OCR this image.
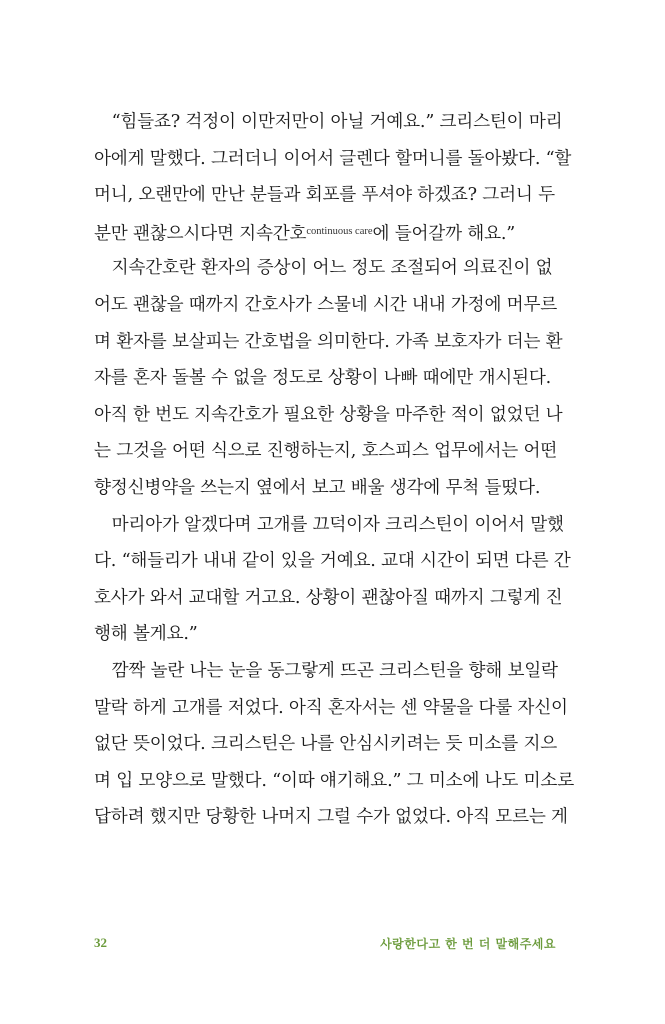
“힘들죠? 걱정이 이만저만이 아닐 거예요.” 크리스틴이 마리
아에게 말했다. 그러더니 이어서 글렌다 할머니를 돌아봤다. “할
머니, 오랜만에 만난 분들과 회포를 푸셔야 하겠죠? 그러니 두
분만 괜찮으시다면 지속간호$^{continuous care}$에 들어갈까 해요.”
지속간호란 환자의 증상이 어느 정도 조절되어 의료진이 없
어도 괜찮을 때까지 간호사가 스물네 시간 내내 가정에 머무르
며 환자를 보살피는 간호법을 의미한다. 가족 보호자가 더는 환
자를 혼자 돌볼 수 없을 정도로 상황이 나빠 때에만 개시된다.
아직 한 번도 지속간호가 필요한 상황을 마주한 적이 없었던 나
는 그것을 어떤 식으로 진행하는지, 호스피스 업무에서는 어떤
향정신병약을 쓰는지 옆에서 보고 배울 생각에 무척 들떴다.
마리아가 알겠다며 고개를 끄덕이자 크리스틴이 이어서 말했
다. “해들리가 내내 같이 있을 거예요. 교대 시간이 되면 다른 간
호사가 와서 교대할 거고요. 상황이 괜찮아질 때까지 그렇게 진
행해 볼게요.”
깜짝 놀란 나는 눈을 동그랗게 뜨곤 크리스틴을 향해 보일락
말락 하게 고개를 저었다. 아직 혼자서는 센 약물을 다룰 자신이
없단 뜻이었다. 크리스틴은 나를 안심시키려는 듯 미소를 지으
며 입 모양으로 말했다. “이따 얘기해요.” 그 미소에 나도 미소로
답하려 했지만 당황한 나머지 그럴 수가 없었다. 아직 모르는 게
32	사랑한다고 한 번 더 말해주세요
